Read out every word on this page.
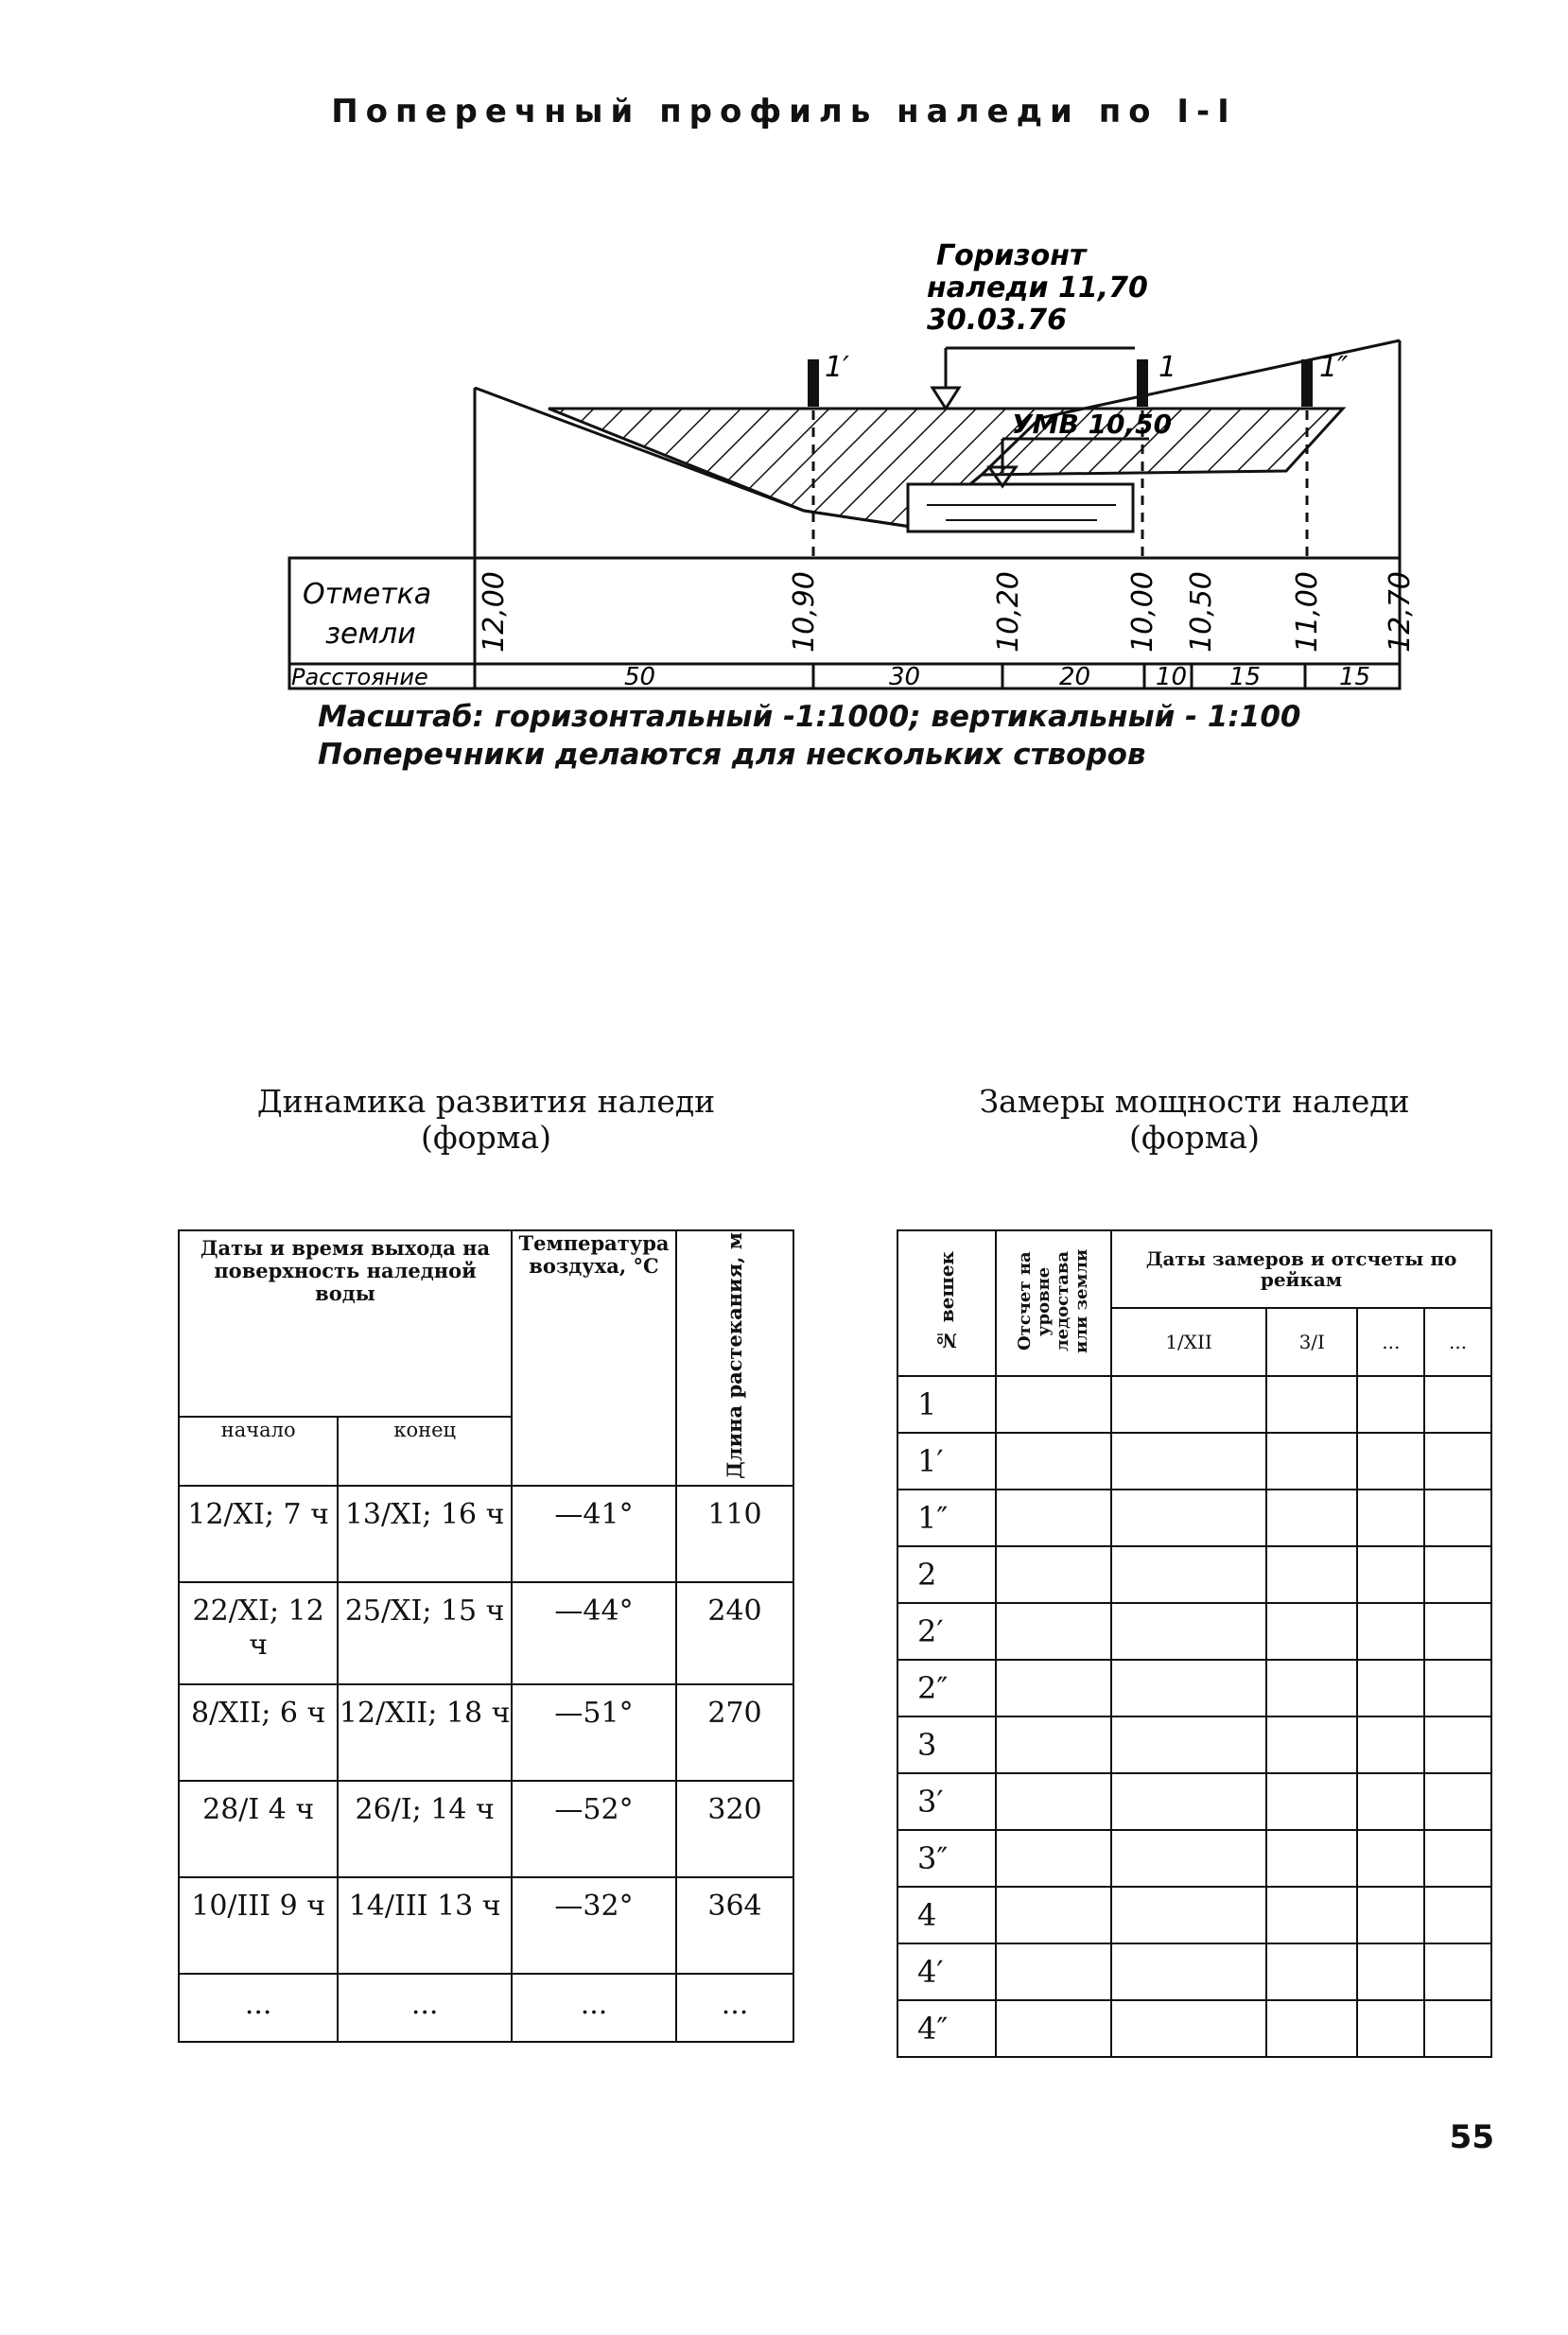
Поперечный профиль наледи по I-I
1′	1	1″
Горизонт
наледи 11,70
30.03.76
УМВ 10,50
Отметка
земли
Расстояние
12,00	10,90	10,20	10,00 10,50	11,00 12,70
50	30	20	10 15	15
Масштаб: горизонтальный -1:1000; вертикальный - 1:100
Поперечники делаются для нескольких створов
Динамика развития наледи
(форма)
Даты и время выхода на поверхность наледной воды		Температура воздуха, °С	Длина растекания, м
начало	конец		
12/XI; 7 ч	13/XI; 16 ч	—41°	110
22/XI; 12 ч	25/XI; 15 ч	—44°	240
8/XII; 6 ч	12/XII; 18 ч	—51°	270
28/I 4 ч	26/I; 14 ч	—52°	320
10/III 9 ч	14/III 13 ч	—32°	364
...	...	...	...
Замеры мощности наледи
(форма)
№ вешек	Отсчет на уровне ледостава или земли	Даты замеров и отсчеты по рейкам			
		1/XII	3/I	...	...
1					
1′					
1″					
2					
2′					
2″					
3					
3′					
3″					
4					
4′					
4″					
55
